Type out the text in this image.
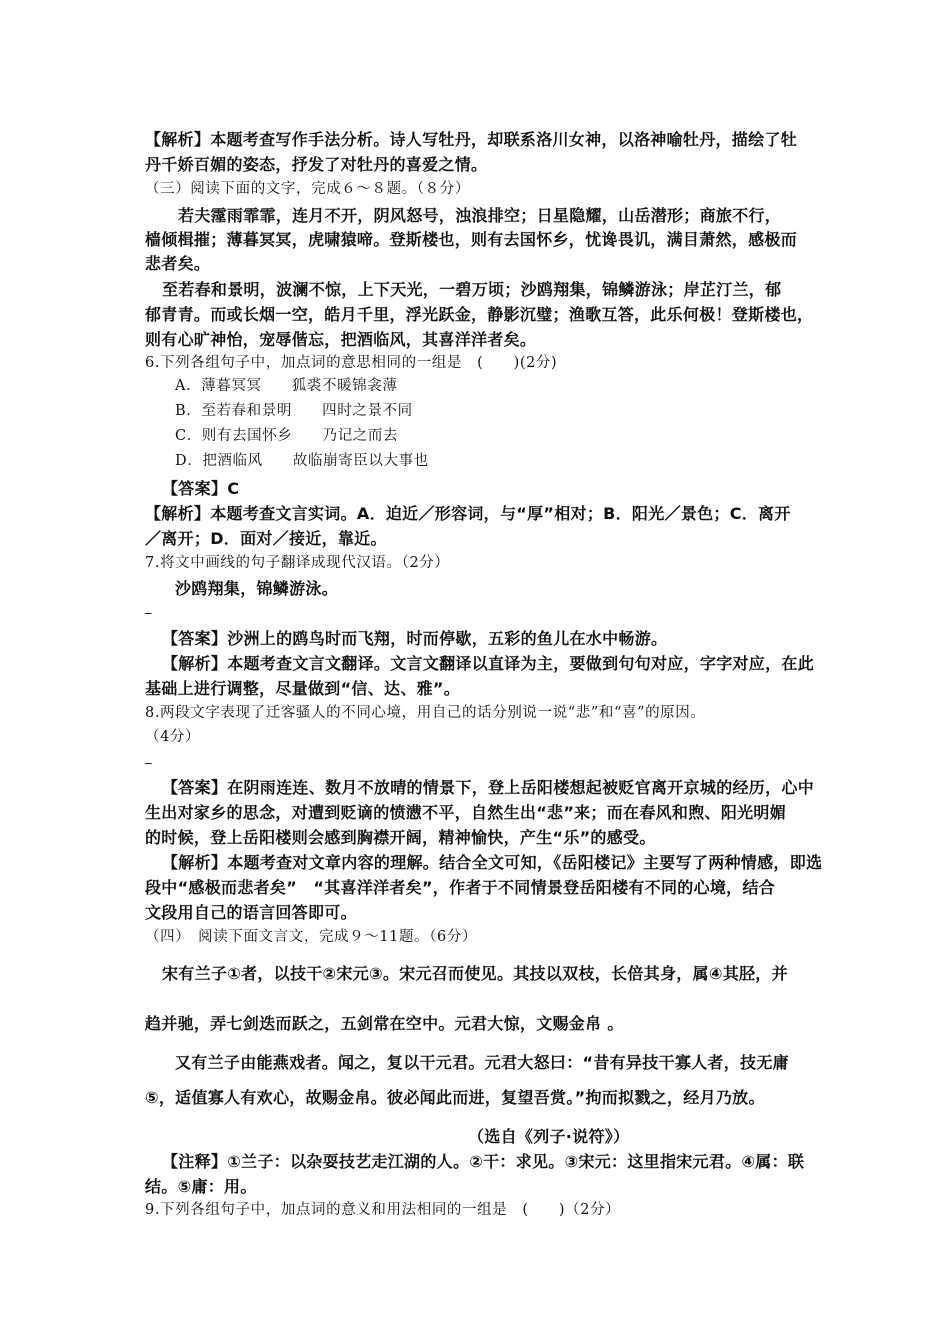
【解析】本题考查写作手法分析。诗人写牡丹，却联系洛川女神，以洛神喻牡丹，描绘了牡
丹千娇百媚的姿态，抒发了对牡丹的喜爱之情。
（三）阅读下面的文字，完成６～８题。（８分）
若夫霪雨霏霏，连月不开，阴风怒号，浊浪排空；日星隐耀，山岳潜形；商旅不行，
樯倾楫摧；薄暮冥冥，虎啸猿啼。登斯楼也，则有去国怀乡，忧谗畏讥，满目萧然，感极而
悲者矣。
至若春和景明，波澜不惊，上下天光，一碧万顷；沙鸥翔集，锦鳞游泳；岸芷汀兰，郁
郁青青。而或长烟一空，皓月千里，浮光跃金，静影沉璧；渔歌互答，此乐何极！登斯楼也，
则有心旷神怡，宠辱偕忘，把酒临风，其喜洋洋者矣。
6.下列各组句子中，加点词的意思相同的一组是　(　　)(2分)
A．薄暮冥冥　　狐裘不暖锦衾薄
B．至若春和景明　　四时之景不同
C．则有去国怀乡　　乃记之而去
D．把酒临风　　故临崩寄臣以大事也
【答案】C
【解析】本题考查文言实词。A．迫近／形容词，与“厚”相对；B．阳光／景色；C．离开
／离开；D．面对／接近，靠近。
7.将文中画线的句子翻译成现代汉语。（2分）
沙鸥翔集，锦鳞游泳。
_
【答案】沙洲上的鸥鸟时而飞翔，时而停歇，五彩的鱼儿在水中畅游。
【解析】本题考查文言文翻译。文言文翻译以直译为主，要做到句句对应，字字对应，在此
基础上进行调整，尽量做到“信、达、雅”。
8.两段文字表现了迁客骚人的不同心境，用自己的话分别说一说“悲”和“喜”的原因。
（4分）
_
【答案】在阴雨连连、数月不放晴的情景下，登上岳阳楼想起被贬官离开京城的经历，心中
生出对家乡的思念，对遭到贬谪的愤懑不平，自然生出“悲”来；而在春风和煦、阳光明媚
的时候，登上岳阳楼则会感到胸襟开阔，精神愉快，产生“乐”的感受。
【解析】本题考查对文章内容的理解。结合全文可知，《岳阳楼记》主要写了两种情感，即选
段中“感极而悲者矣”　“其喜洋洋者矣”，作者于不同情景登岳阳楼有不同的心境，结合
文段用自己的语言回答即可。
（四）　阅读下面文言文，完成９～11题。（6分）
宋有兰子①者，以技干②宋元③。宋元召而使见。其技以双枝，长倍其身，属④其胫，并
趋并驰，弄七剑迭而跃之，五剑常在空中。元君大惊，文赐金帛 。
又有兰子由能燕戏者。闻之，复以干元君。元君大怒曰：“昔有异技干寡人者，技无庸
⑤，适值寡人有欢心，故赐金帛。彼必闻此而进，复望吾赏。”拘而拟戮之，经月乃放。
（选自《列子·说符》）
【注释】①兰子：以杂耍技艺走江湖的人。②干：求见。③宋元：这里指宋元君。④属：联
结。⑤庸：用。
9.下列各组句子中，加点词的意义和用法相同的一组是　(　　)（2分）
